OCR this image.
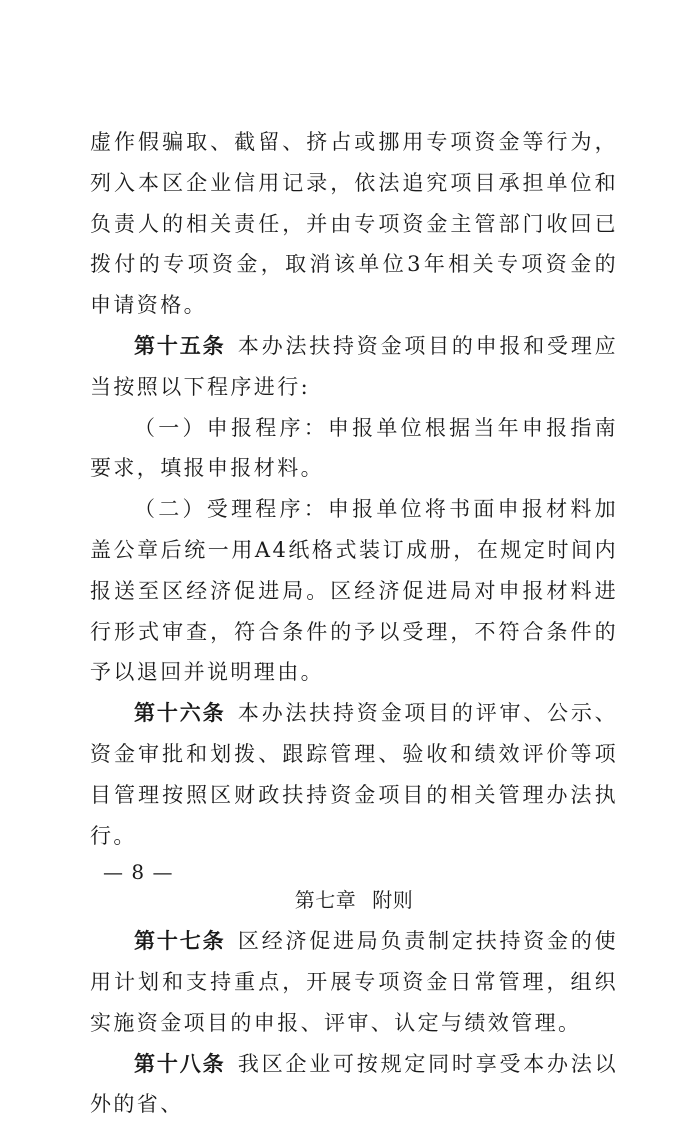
虚作假骗取、截留、挤占或挪用专项资金等行为，列入本区企业信用记录，依法追究项目承担单位和负责人的相关责任，并由专项资金主管部门收回已拨付的专项资金，取消该单位3年相关专项资金的申请资格。

第十五条 本办法扶持资金项目的申报和受理应当按照以下程序进行:

（一）申报程序：申报单位根据当年申报指南要求，填报申报材料。

（二）受理程序：申报单位将书面申报材料加盖公章后统一用A4纸格式装订成册，在规定时间内报送至区经济促进局。区经济促进局对申报材料进行形式审查，符合条件的予以受理，不符合条件的予以退回并说明理由。

第十六条 本办法扶持资金项目的评审、公示、资金审批和划拨、跟踪管理、验收和绩效评价等项目管理按照区财政扶持资金项目的相关管理办法执行。

第七章 附则

第十七条 区经济促进局负责制定扶持资金的使用计划和支持重点，开展专项资金日常管理，组织实施资金项目的申报、评审、认定与绩效管理。

第十八条 我区企业可按规定同时享受本办法以外的省、

— 8 —
